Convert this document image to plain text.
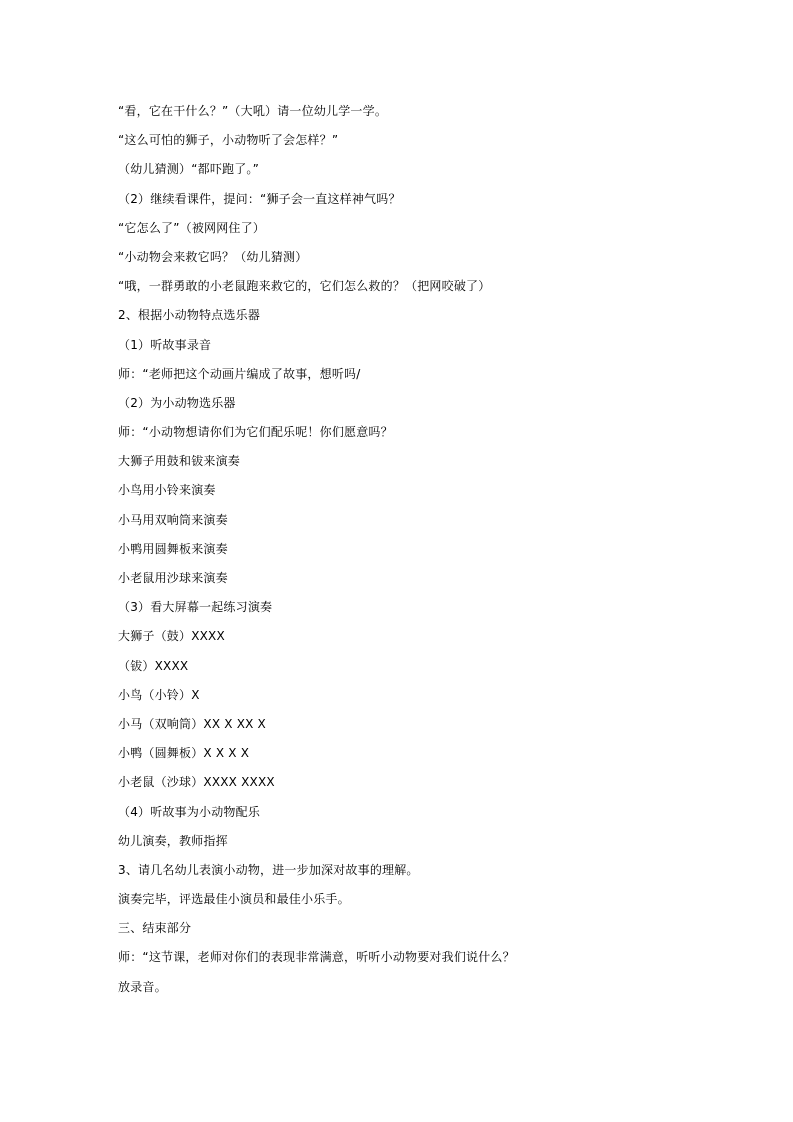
“看，它在干什么？”（大吼）请一位幼儿学一学。
“这么可怕的狮子，小动物听了会怎样？”
（幼儿猜测）“都吓跑了。”
（2）继续看课件，提问：“狮子会一直这样神气吗？
“它怎么了”（被网网住了）
“小动物会来救它吗？（幼儿猜测）
“哦，一群勇敢的小老鼠跑来救它的，它们怎么救的？（把网咬破了）
2、根据小动物特点选乐器
（1）听故事录音
师：“老师把这个动画片编成了故事，想听吗/
（2）为小动物选乐器
师：“小动物想请你们为它们配乐呢！你们愿意吗？
大狮子用鼓和钹来演奏
小鸟用小铃来演奏
小马用双响筒来演奏
小鸭用圆舞板来演奏
小老鼠用沙球来演奏
（3）看大屏幕一起练习演奏
大狮子（鼓）XXXX
（钹）XXXX
小鸟（小铃）X
小马（双响筒）XX X XX X
小鸭（圆舞板）X X X X
小老鼠（沙球）XXXX XXXX
（4）听故事为小动物配乐
幼儿演奏，教师指挥
3、请几名幼儿表演小动物，进一步加深对故事的理解。
演奏完毕，评选最佳小演员和最佳小乐手。
三、结束部分
师：“这节课，老师对你们的表现非常满意，听听小动物要对我们说什么？
放录音。
